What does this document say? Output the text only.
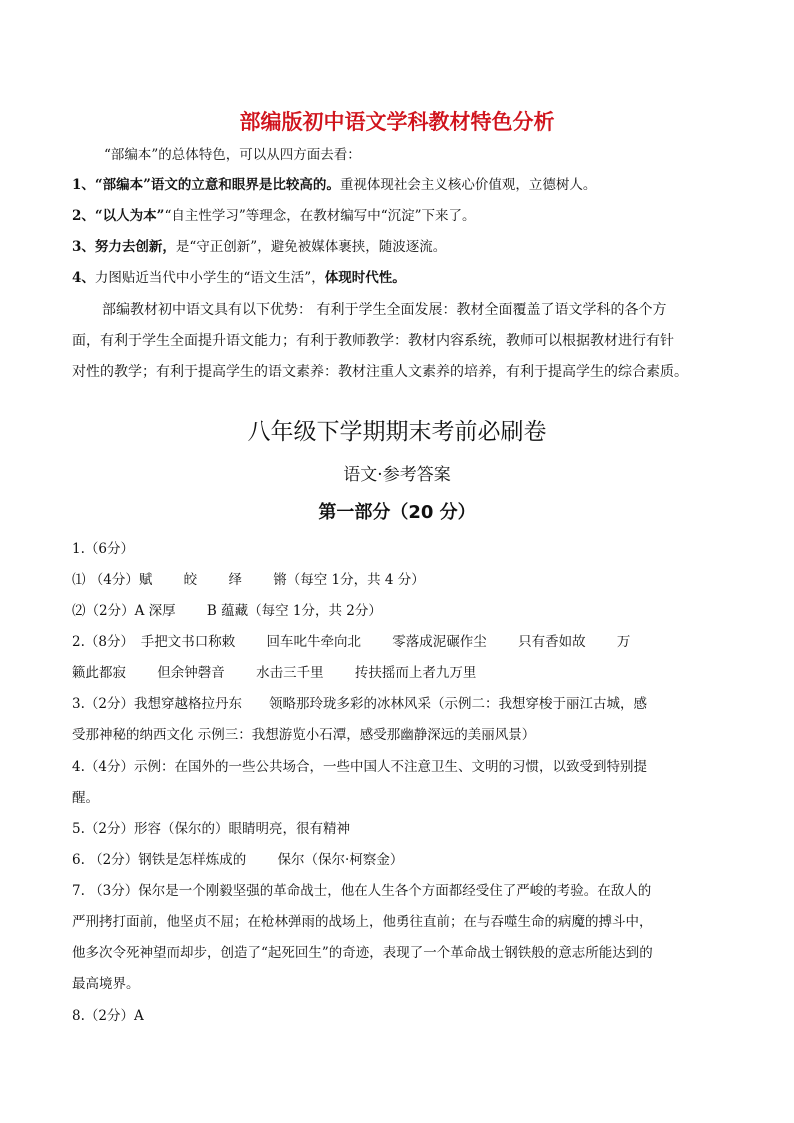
部编版初中语文学科教材特色分析
“部编本”的总体特色，可以从四方面去看：
1、“部编本”语文的立意和眼界是比较高的。重视体现社会主义核心价值观，立德树人。
2、“以人为本”“自主性学习”等理念，在教材编写中“沉淀”下来了。
3、努力去创新，是“守正创新”，避免被媒体裹挟，随波逐流。
4、力图贴近当代中小学生的“语文生活”，体现时代性。
部编教材初中语文具有以下优势： 有利于学生全面发展：教材全面覆盖了语文学科的各个方
面，有利于学生全面提升语文能力；有利于教师教学：教材内容系统，教师可以根据教材进行有针
对性的教学；有利于提高学生的语文素养：教材注重人文素养的培养，有利于提高学生的综合素质。
八年级下学期期末考前必刷卷
语文·参考答案
第一部分（20 分）
1.（6分）
⑴ （4分）赋　　 皎　　 绎　　 锵（每空 1分，共 4 分）
⑵（2分）A 深厚　　 B 蕴藏（每空 1分，共 2分）
2.（8分）　手把文书口称敕　　 回车叱牛牵向北　　 零落成泥碾作尘　　 只有香如故　　 万
籁此都寂　　 但余钟磬音　　 水击三千里　　 抟扶摇而上者九万里
3.（2分）我想穿越格拉丹东　　领略那玲珑多彩的冰林风采（示例二：我想穿梭于丽江古城，感
受那神秘的纳西文化 示例三：我想游览小石潭，感受那幽静深远的美丽风景）
4.（4分）示例：在国外的一些公共场合，一些中国人不注意卫生、文明的习惯，以致受到特别提
醒。
5.（2分）形容（保尔的）眼睛明亮，很有精神
6. （2分）钢铁是怎样炼成的　　 保尔（保尔·柯察金）
7. （3分）保尔是一个刚毅坚强的革命战士，他在人生各个方面都经受住了严峻的考验。在敌人的
严刑拷打面前，他坚贞不屈；在枪林弹雨的战场上，他勇往直前；在与吞噬生命的病魔的搏斗中，
他多次令死神望而却步，创造了“起死回生”的奇迹，表现了一个革命战士钢铁般的意志所能达到的
最高境界。
8.（2分）A
